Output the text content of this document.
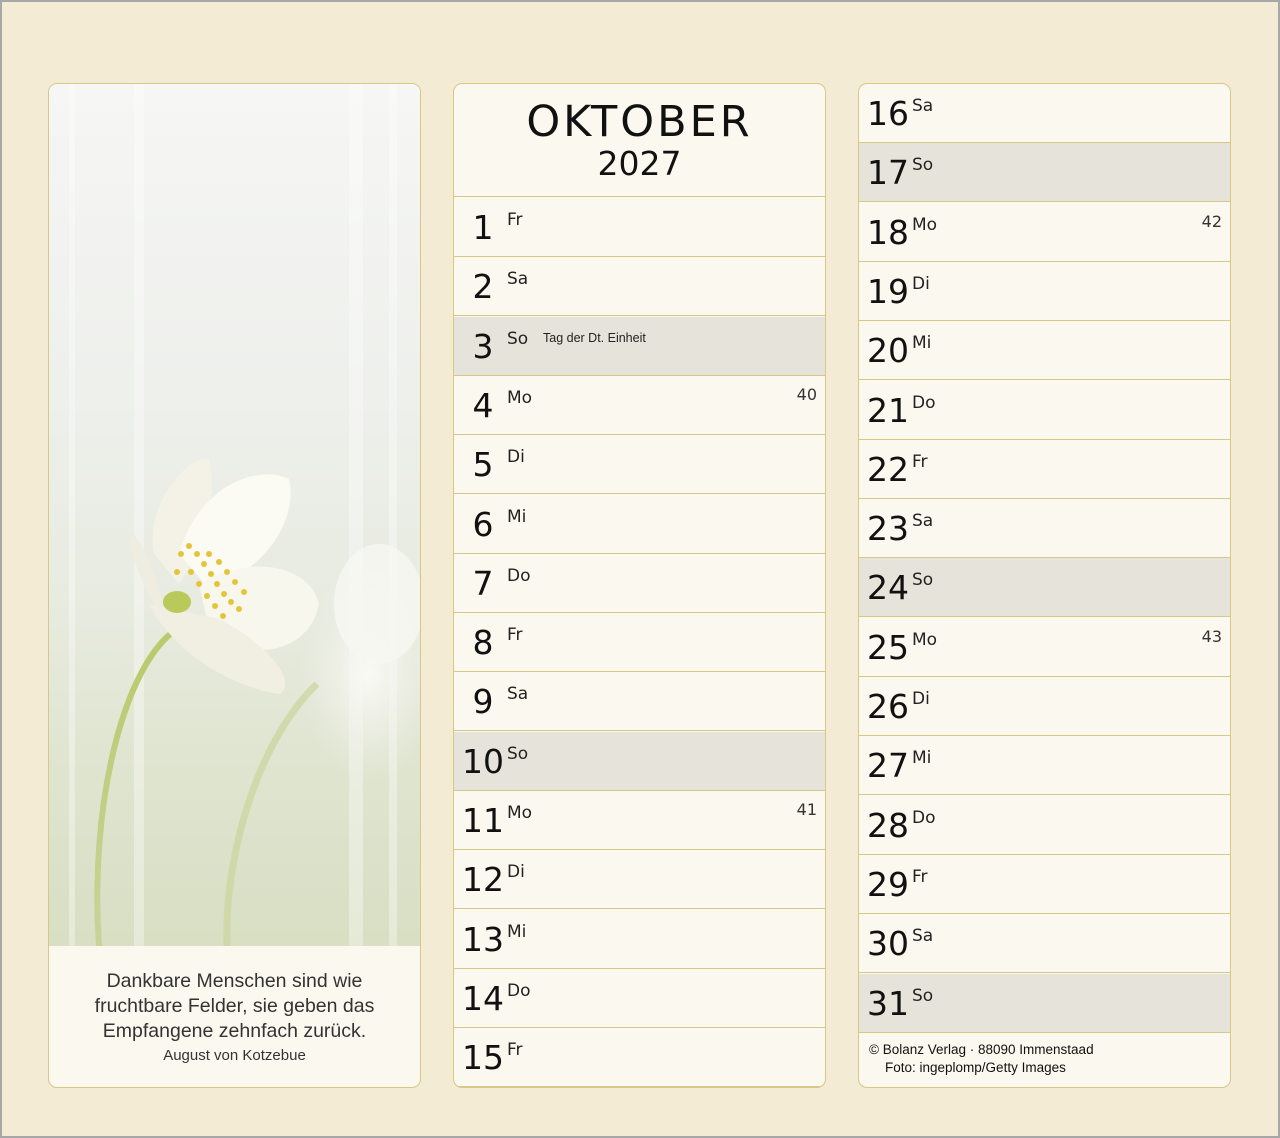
Dankbare Menschen sind wie
fruchtbare Felder, sie geben das
Empfangene zehnfach zurück.
August von Kotzebue
OKTOBER
2027
1 Fr
2 Sa
3 So Tag der Dt. Einheit
4 Mo	40
5 Di
6 Mi
7 Do
8 Fr
9 Sa
10 So
11 Mo	41
12 Di
13 Mi
14 Do
15 Fr
16 Sa
17 So
18 Mo	42
19 Di
20 Mi
21 Do
22 Fr
23 Sa
24 So
25 Mo	43
26 Di
27 Mi
28 Do
29 Fr
30 Sa
31 So
© Bolanz Verlag · 88090 Immenstaad
Foto: ingeplomp/Getty Images
